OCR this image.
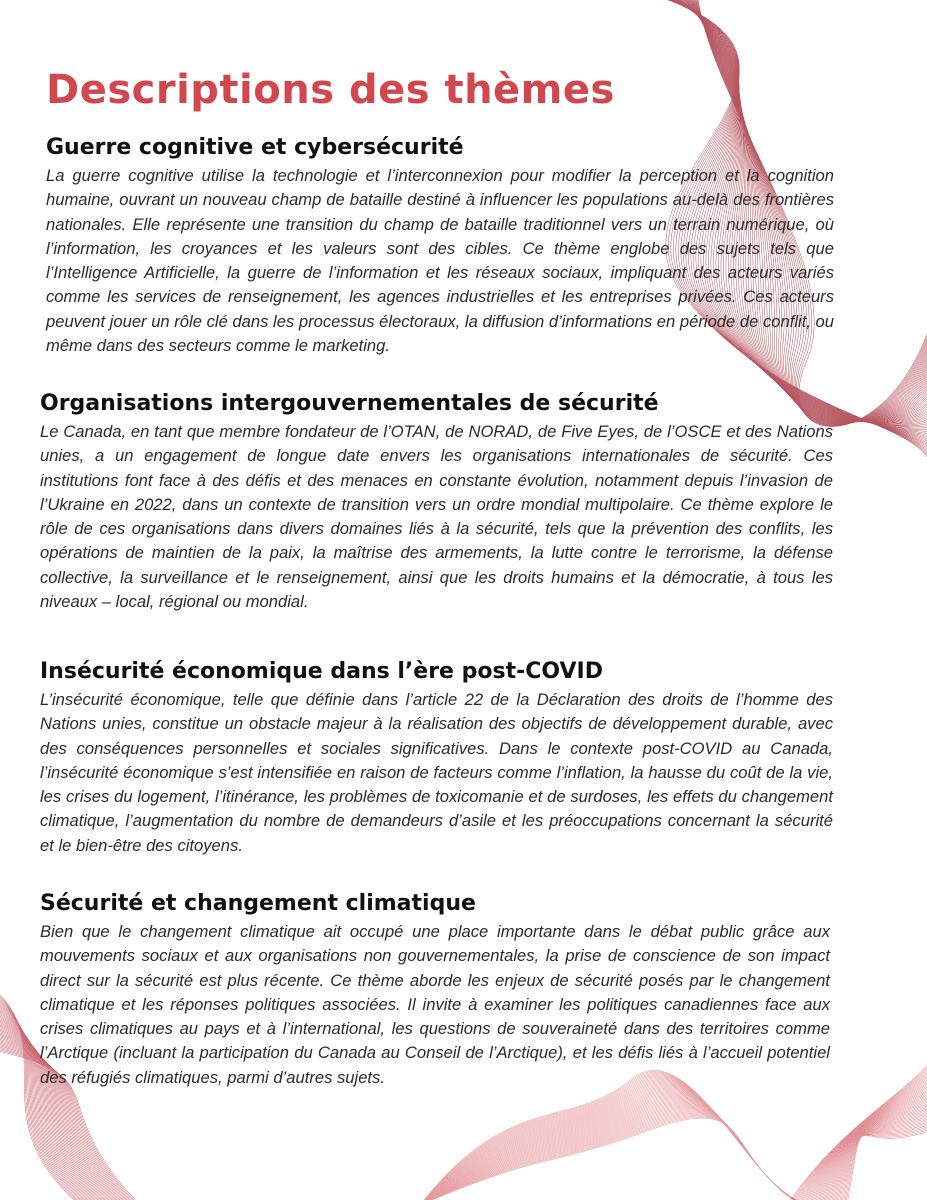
Descriptions des thèmes
Guerre cognitive et cybersécurité

La guerre cognitive utilise la technologie et l’interconnexion pour modifier la perception et la cognition humaine, ouvrant un nouveau champ de bataille destiné à influencer les populations au-delà des frontières nationales. Elle représente une transition du champ de bataille traditionnel vers un terrain numérique, où l’information, les croyances et les valeurs sont des cibles. Ce thème englobe des sujets tels que l’Intelligence Artificielle, la guerre de l’information et les réseaux sociaux, impliquant des acteurs variés comme les services de renseignement, les agences industrielles et les entreprises privées. Ces acteurs peuvent jouer un rôle clé dans les processus électoraux, la diffusion d’informations en période de conflit, ou même dans des secteurs comme le marketing.

Organisations intergouvernementales de sécurité

Le Canada, en tant que membre fondateur de l’OTAN, de NORAD, de Five Eyes, de l’OSCE et des Nations unies, a un engagement de longue date envers les organisations internationales de sécurité. Ces institutions font face à des défis et des menaces en constante évolution, notamment depuis l’invasion de l’Ukraine en 2022, dans un contexte de transition vers un ordre mondial multipolaire. Ce thème explore le rôle de ces organisations dans divers domaines liés à la sécurité, tels que la prévention des conflits, les opérations de maintien de la paix, la maîtrise des armements, la lutte contre le terrorisme, la défense collective, la surveillance et le renseignement, ainsi que les droits humains et la démocratie, à tous les niveaux – local, régional ou mondial.

Insécurité économique dans l’ère post-COVID

L’insécurité économique, telle que définie dans l’article 22 de la Déclaration des droits de l’homme des Nations unies, constitue un obstacle majeur à la réalisation des objectifs de développement durable, avec des conséquences personnelles et sociales significatives. Dans le contexte post-COVID au Canada, l’insécurité économique s’est intensifiée en raison de facteurs comme l’inflation, la hausse du coût de la vie, les crises du logement, l’itinérance, les problèmes de toxicomanie et de surdoses, les effets du changement climatique, l’augmentation du nombre de demandeurs d’asile et les préoccupations concernant la sécurité et le bien-être des citoyens.

Sécurité et changement climatique

Bien que le changement climatique ait occupé une place importante dans le débat public grâce aux mouvements sociaux et aux organisations non gouvernementales, la prise de conscience de son impact direct sur la sécurité est plus récente. Ce thème aborde les enjeux de sécurité posés par le changement climatique et les réponses politiques associées. Il invite à examiner les politiques canadiennes face aux crises climatiques au pays et à l’international, les questions de souveraineté dans des territoires comme l’Arctique (incluant la participation du Canada au Conseil de l’Arctique), et les défis liés à l’accueil potentiel des réfugiés climatiques, parmi d’autres sujets.
